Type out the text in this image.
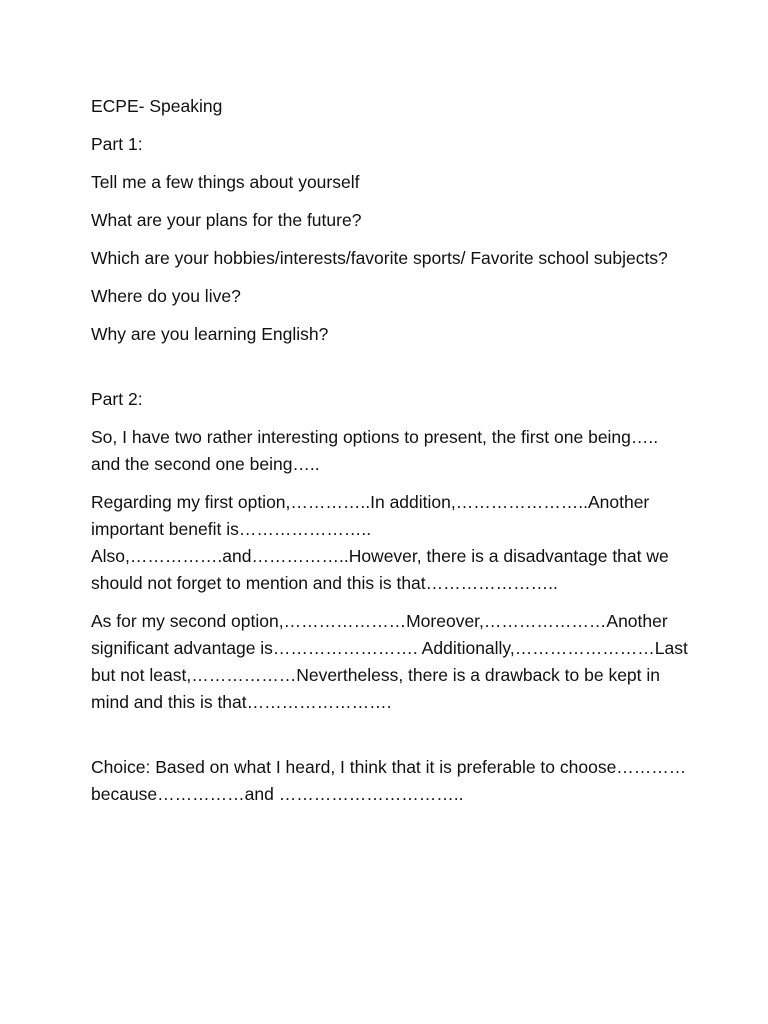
ECPE- Speaking

Part 1:

Tell me a few things about yourself

What are your plans for the future?

Which are your hobbies/interests/favorite sports/ Favorite school subjects?

Where do you live?

Why are you learning English?

Part 2:

So, I have two rather interesting options to present, the first one being….. and the second one being…..

Regarding my first option,…………..In addition,…………………..Another important benefit is………………….. Also,…………….and……………..However, there is a disadvantage that we should not forget to mention and this is that…………………..

As for my second option,…………………Moreover,…………………Another significant advantage is……………………. Additionally,……………………Last but not least,………………Nevertheless, there is a drawback to be kept in mind and this is that…………………….

Choice: Based on what I heard, I think that it is preferable to choose…………because……………and …………………………..
